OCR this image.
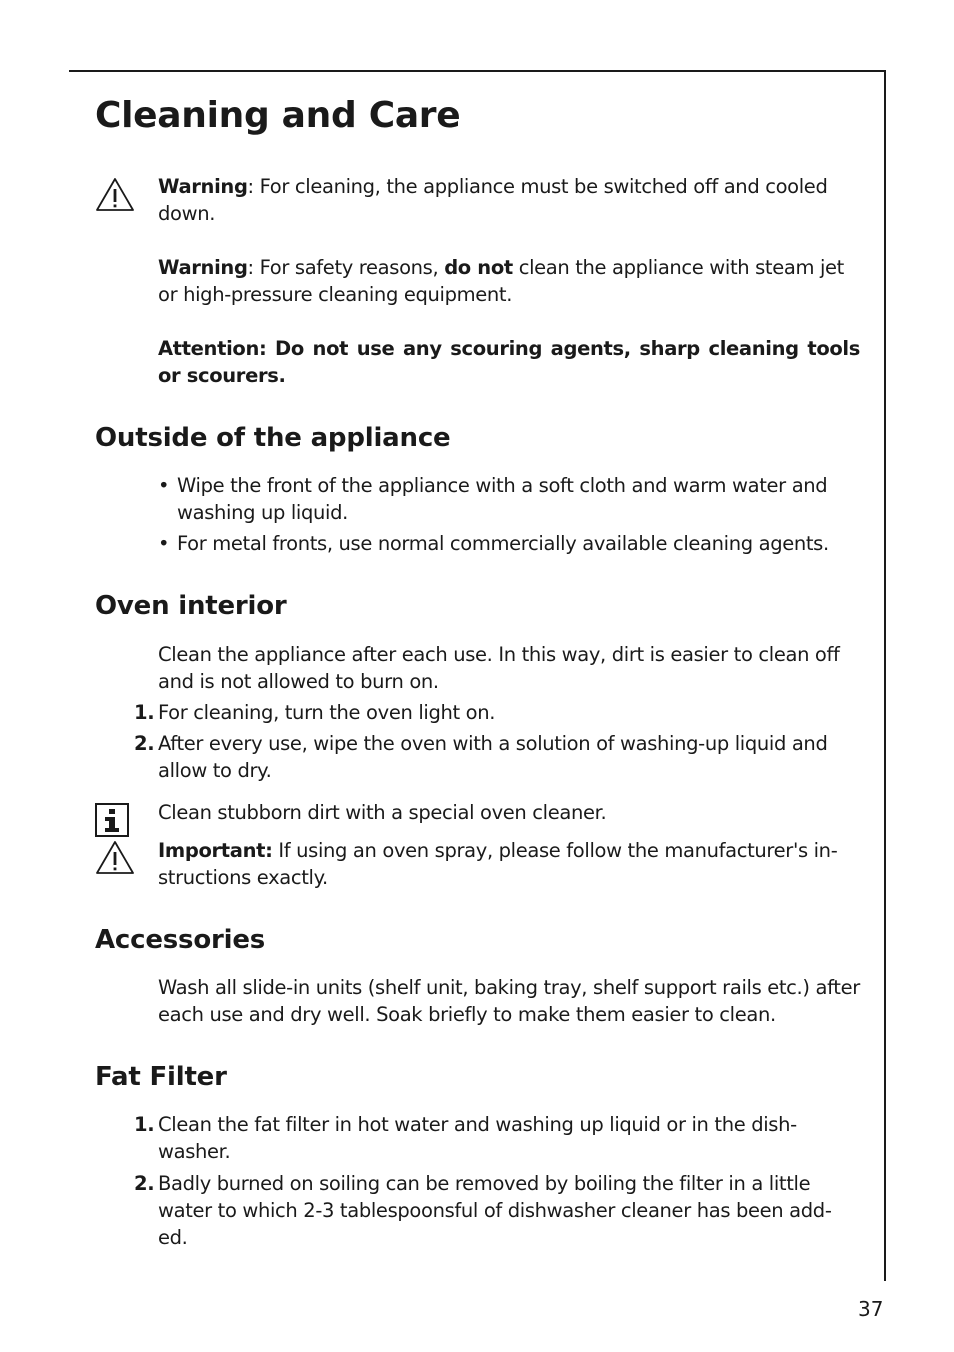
Cleaning and Care

Warning: For cleaning, the appliance must be switched off and cooled down.

Warning: For safety reasons, do not clean the appliance with steam jet or high-pressure cleaning equipment.

Attention: Do not use any scouring agents, sharp cleaning tools or scourers.

Outside of the appliance
• Wipe the front of the appliance with a soft cloth and warm water and washing up liquid.
• For metal fronts, use normal commercially available cleaning agents.
Oven interior

Clean the appliance after each use. In this way, dirt is easier to clean off and is not allowed to burn on.

1. For cleaning, turn the oven light on.
2. After every use, wipe the oven with a solution of washing-up liquid and allow to dry.

Clean stubborn dirt with a special oven cleaner.

Important: If using an oven spray, please follow the manufacturer's in-
structions exactly.

Accessories

Wash all slide-in units (shelf unit, baking tray, shelf support rails etc.) after each use and dry well. Soak briefly to make them easier to clean.

Fat Filter
1. Clean the fat filter in hot water and washing up liquid or in the dish-
washer.
2. Badly burned on soiling can be removed by boiling the filter in a little
water to which 2-3 tablespoonsful of dishwasher cleaner has been add-
ed.
37
